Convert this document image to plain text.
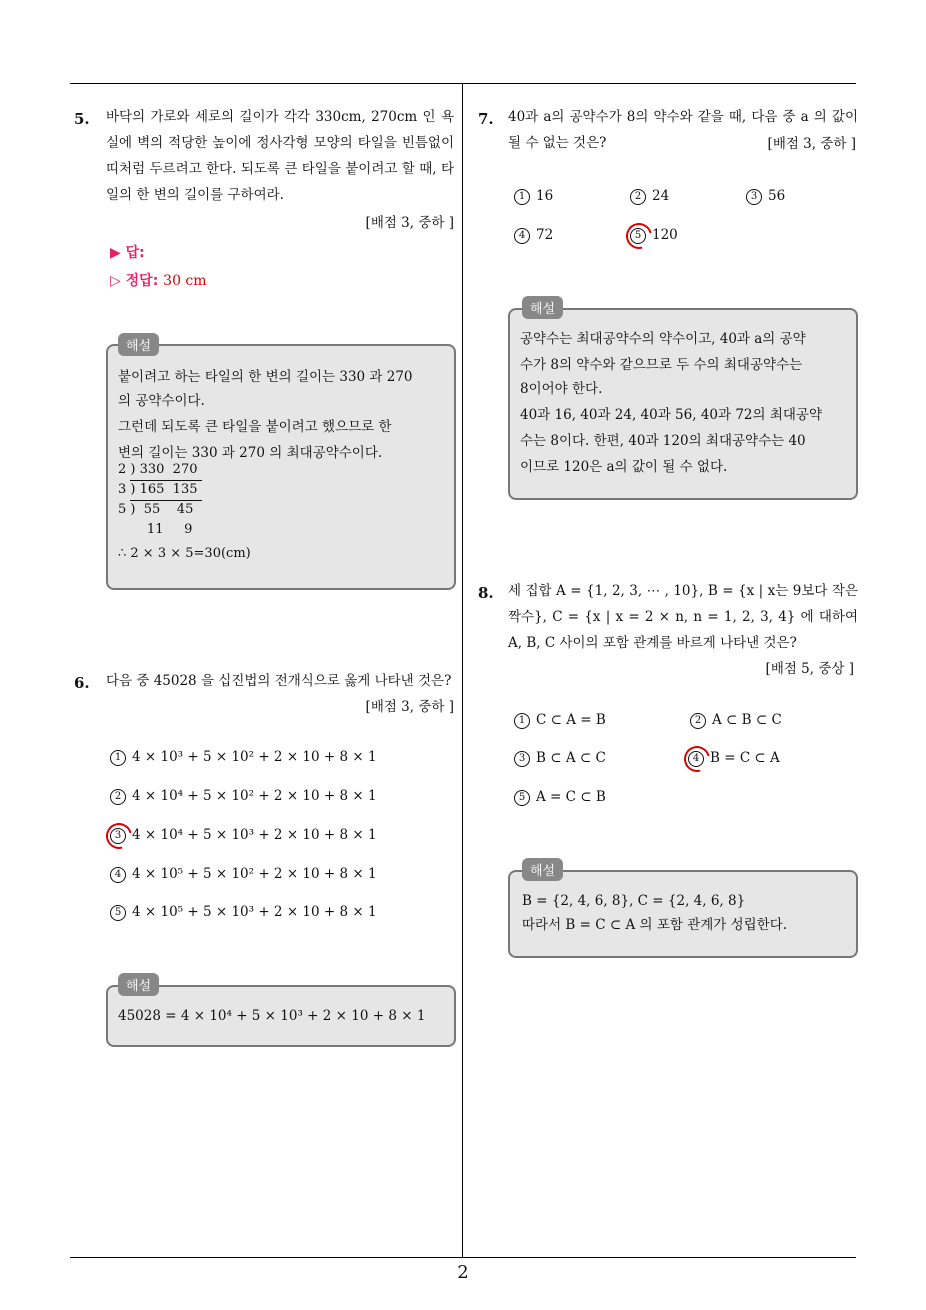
5. 바닥의 가로와 세로의 길이가 각각 330cm, 270cm 인 욕실에 벽의 적당한 높이에 정사각형 모양의 타일을 빈틈없이 띠처럼 두르려고 한다. 되도록 큰 타일을 붙이려고 할 때, 타일의 한 변의 길이를 구하여라.
[배점 3, 중하 ]
▶ 답:
▷ 정답: 30 cm
해설
붙이려고 하는 타일의 한 변의 길이는 330 과 270
의 공약수이다.
그런데 되도록 큰 타일을 붙이려고 했으므로 한
변의 길이는 330 과 270 의 최대공약수이다.
2 ) 330  270
3 ) 165  135
5 )  55    45
11     9
∴ 2 × 3 × 5=30(cm)
6. 다음 중 45028 을 십진법의 전개식으로 옳게 나타낸 것은?
[배점 3, 중하 ]
1 4 × 10³ + 5 × 10² + 2 × 10 + 8 × 1
2 4 × 10⁴ + 5 × 10² + 2 × 10 + 8 × 1
3 4 × 10⁴ + 5 × 10³ + 2 × 10 + 8 × 1
4 4 × 10⁵ + 5 × 10² + 2 × 10 + 8 × 1
5 4 × 10⁵ + 5 × 10³ + 2 × 10 + 8 × 1
해설
45028 = 4 × 10⁴ + 5 × 10³ + 2 × 10 + 8 × 1
7. 40과 a의 공약수가 8의 약수와 같을 때, 다음 중 a 의 값이 될 수 없는 것은?	[배점 3, 중하 ]
1 16	2 24	3 56
4 72	5 120
해설
공약수는 최대공약수의 약수이고, 40과 a의 공약
수가 8의 약수와 같으므로 두 수의 최대공약수는
8이어야 한다.
40과 16, 40과 24, 40과 56, 40과 72의 최대공약
수는 8이다. 한편, 40과 120의 최대공약수는 40
이므로 120은 a의 값이 될 수 없다.
8. 세 집합 A = {1, 2, 3, ⋯ , 10}, B = {x | x는 9보다 작은 짝수}, C = {x | x = 2 × n, n = 1, 2, 3, 4} 에 대하여 A, B, C 사이의 포함 관계를 바르게 나타낸 것은?
[배점 5, 중상 ]
1 C ⊂ A = B	2 A ⊂ B ⊂ C
3 B ⊂ A ⊂ C	4 B = C ⊂ A
5 A = C ⊂ B
해설
B = {2, 4, 6, 8}, C = {2, 4, 6, 8}
따라서 B = C ⊂ A 의 포함 관계가 성립한다.
2
